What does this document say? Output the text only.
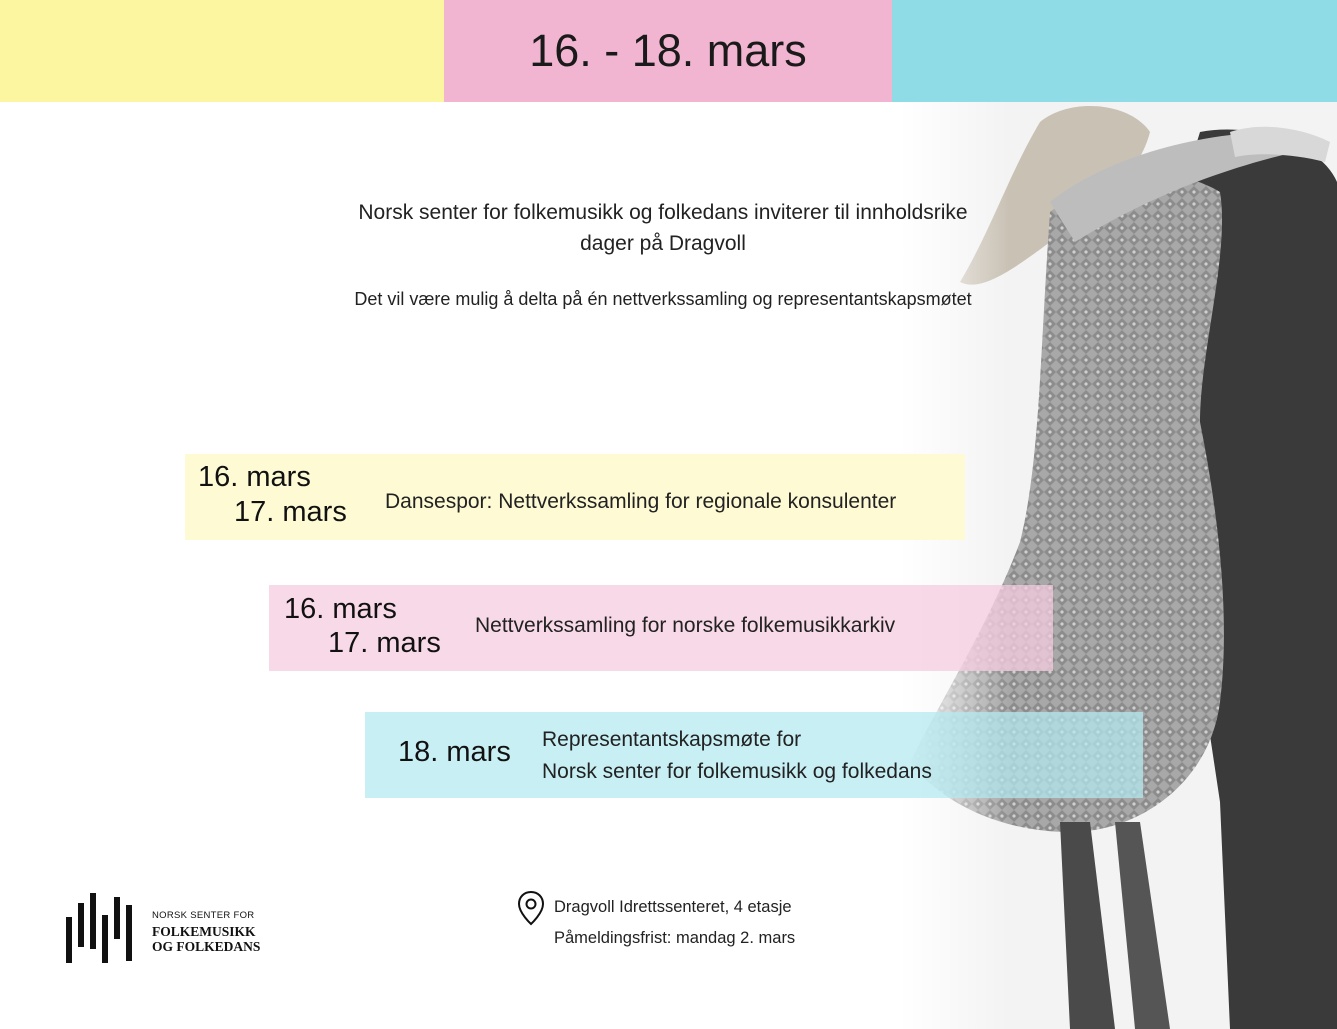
16. - 18. mars
Norsk senter for folkemusikk og folkedans inviterer til innholdsrike
dager på Dragvoll
Det vil være mulig å delta på én nettverkssamling og representantskapsmøtet
16. mars
17. mars Dansespor: Nettverkssamling for regionale konsulenter
16. mars
17. mars
Nettverkssamling for norske folkemusikkarkiv
18. mars Representantskapsmøte for
Norsk senter for folkemusikk og folkedans
NORSK SENTER FOR
FOLKEMUSIKK
OG FOLKEDANS
Dragvoll Idrettssenteret, 4 etasje
Påmeldingsfrist: mandag 2. mars
